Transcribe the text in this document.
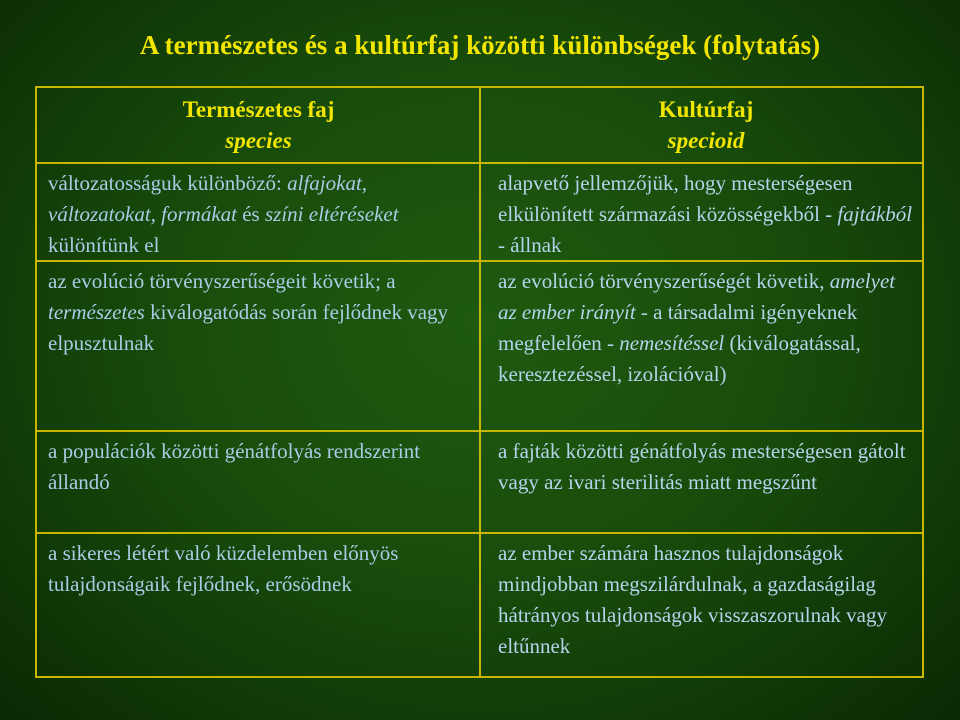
A természetes és a kultúrfaj közötti különbségek (folytatás)
Természetes faj
species
Kultúrfaj
specioid
változatosságuk különböző: alfajokat, változatokat, formákat és színi eltéréseket különítünk el
alapvető jellemzőjük, hogy mesterségesen elkülönített származási közösségekből - fajtákból - állnak
az evolúció törvényszerűségeit követik; a természetes kiválogatódás során fejlődnek vagy elpusztulnak
az evolúció törvényszerűségét követik, amelyet az ember irányít - a társadalmi igényeknek megfelelően - nemesítéssel (kiválogatással, keresztezéssel, izolációval)
a populációk közötti génátfolyás rendszerint állandó
a fajták közötti génátfolyás mesterségesen gátolt vagy az ivari sterilitás miatt megszűnt
a sikeres létért való küzdelemben előnyös tulajdonságaik fejlődnek, erősödnek
az ember számára hasznos tulajdonságok mindjobban megszilárdulnak, a gazdaságilag hátrányos tulajdonságok visszaszorulnak vagy eltűnnek
